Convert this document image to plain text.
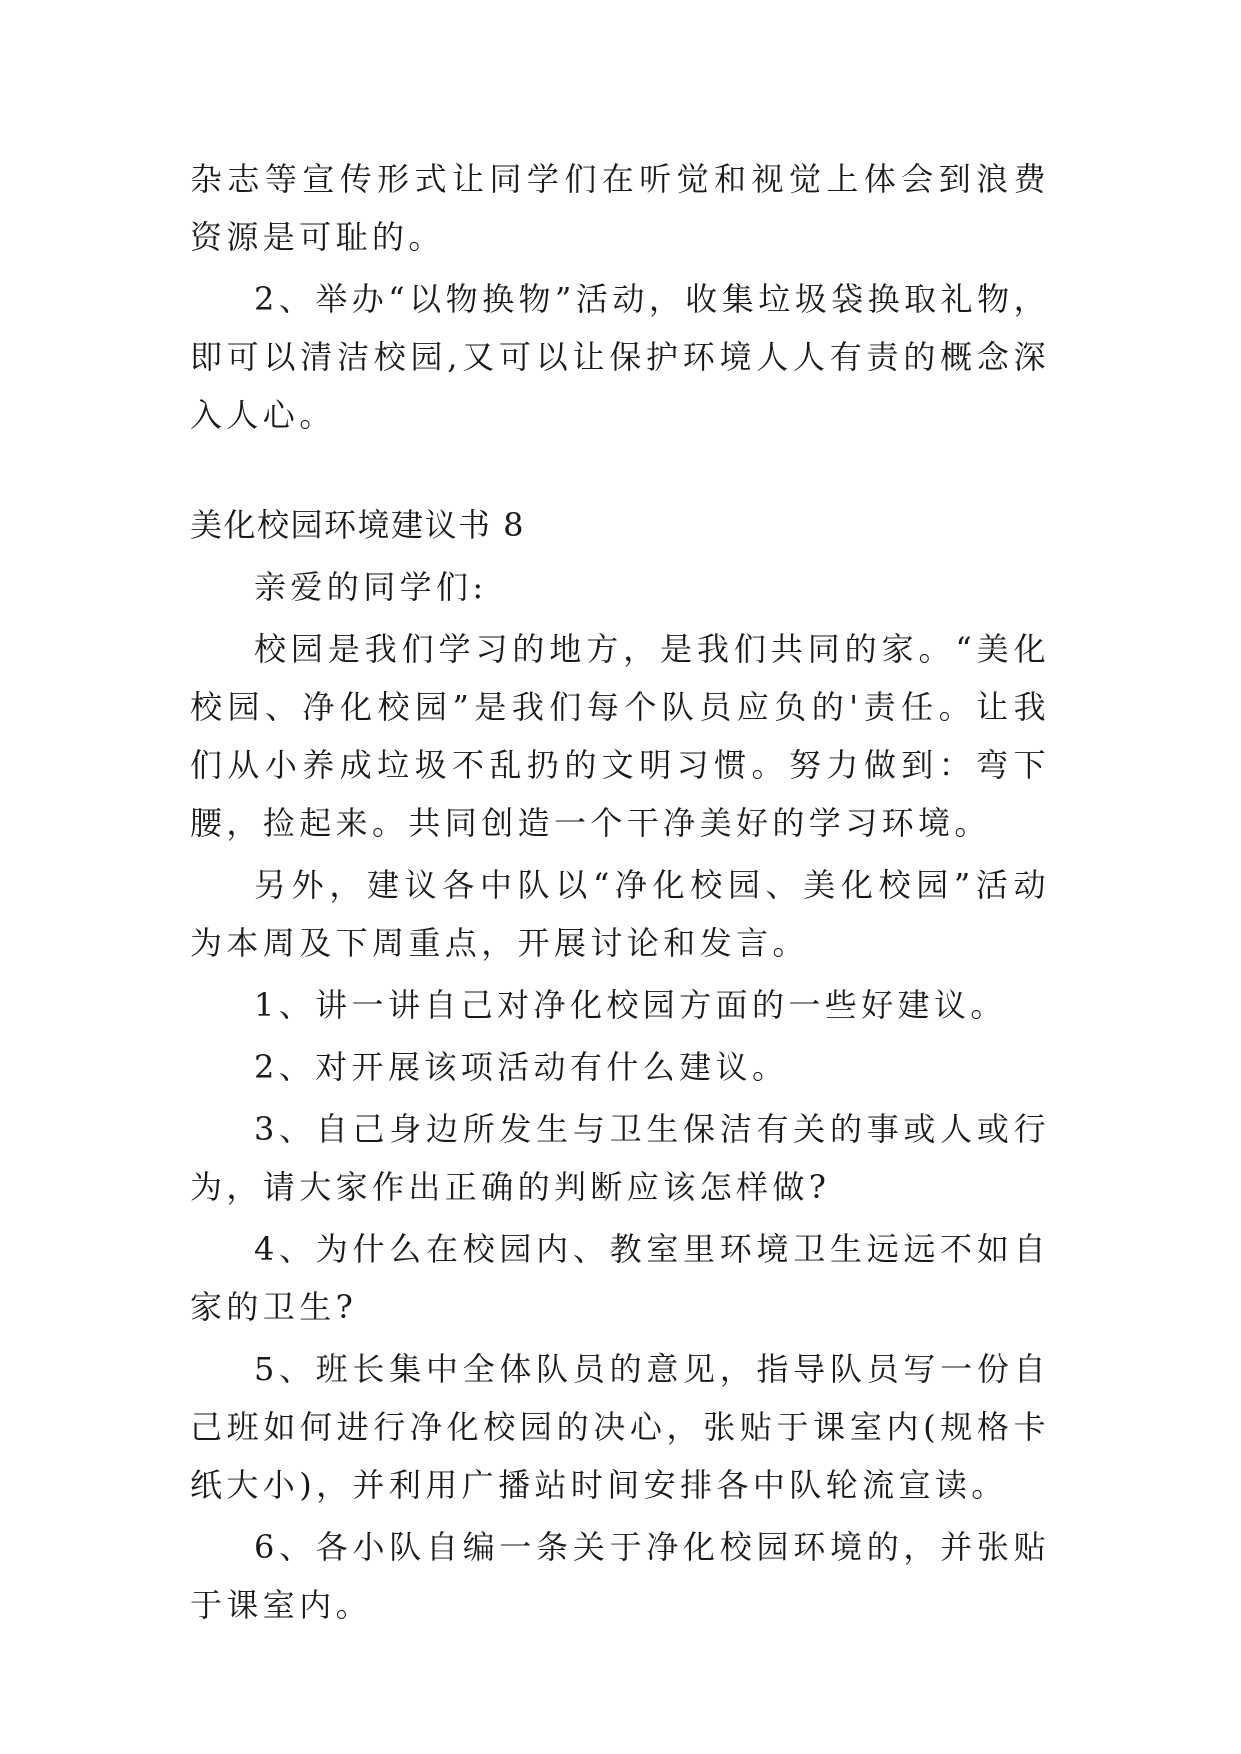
杂志等宣传形式让同学们在听觉和视觉上体会到浪费资源是可耻的。

2、举办“以物换物”活动，收集垃圾袋换取礼物，即可以清洁校园,又可以让保护环境人人有责的概念深入人心。

美化校园环境建议书 8

亲爱的同学们:

校园是我们学习的地方，是我们共同的家。“美化校园、净化校园”是我们每个队员应负的'责任。让我们从小养成垃圾不乱扔的文明习惯。努力做到：弯下腰，捡起来。共同创造一个干净美好的学习环境。

另外，建议各中队以“净化校园、美化校园”活动为本周及下周重点，开展讨论和发言。

1、讲一讲自己对净化校园方面的一些好建议。

2、对开展该项活动有什么建议。

3、自己身边所发生与卫生保洁有关的事或人或行为，请大家作出正确的判断应该怎样做?

4、为什么在校园内、教室里环境卫生远远不如自家的卫生?

5、班长集中全体队员的意见，指导队员写一份自己班如何进行净化校园的决心，张贴于课室内(规格卡纸大小)，并利用广播站时间安排各中队轮流宣读。

6、各小队自编一条关于净化校园环境的，并张贴于课室内。
